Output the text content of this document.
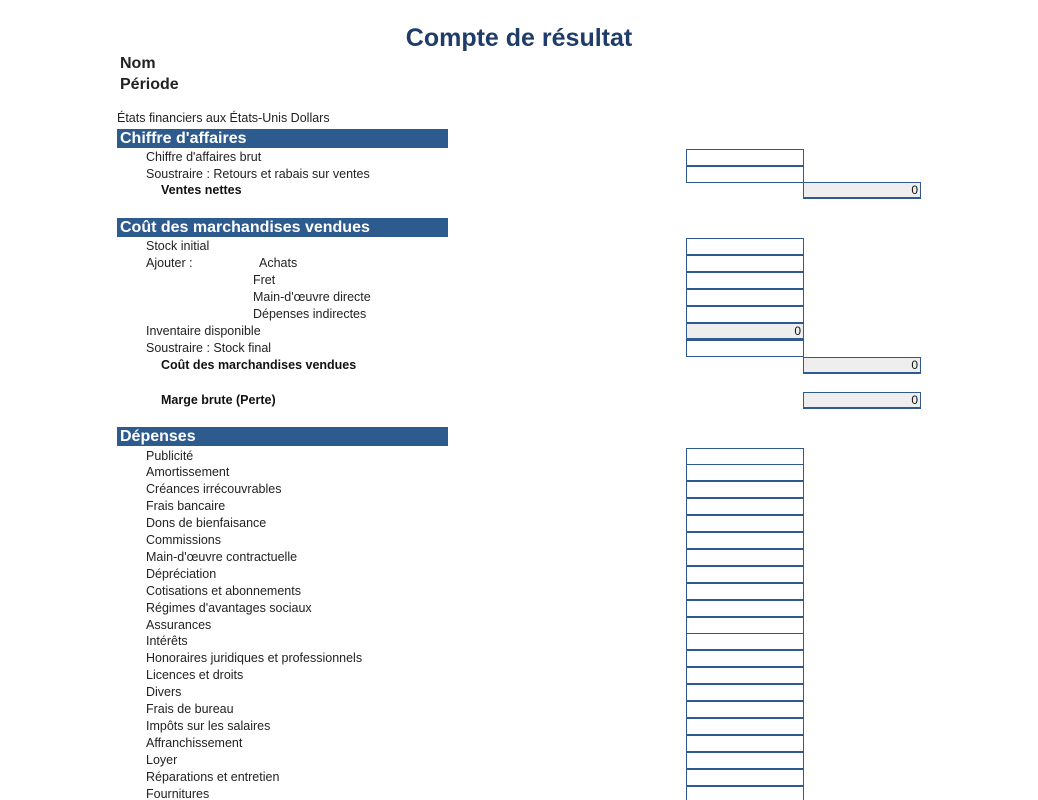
Compte de résultat
Nom
Période
États financiers aux États-Unis Dollars
Chiffre d'affaires
Coût des marchandises vendues
Dépenses
Chiffre d'affaires brut
Soustraire : Retours et rabais sur ventes
Ventes nettes	0
Stock initial
Ajouter :	Achats
Fret
Main-d'œuvre directe
Dépenses indirectes
Inventaire disponible	0
Soustraire : Stock final
Coût des marchandises vendues	0
Marge brute (Perte)	0
Publicité
Amortissement
Créances irrécouvrables
Frais bancaire
Dons de bienfaisance
Commissions
Main-d'œuvre contractuelle
Dépréciation
Cotisations et abonnements
Régimes d'avantages sociaux
Assurances
Intérêts
Honoraires juridiques et professionnels
Licences et droits
Divers
Frais de bureau
Impôts sur les salaires
Affranchissement
Loyer
Réparations et entretien
Fournitures
